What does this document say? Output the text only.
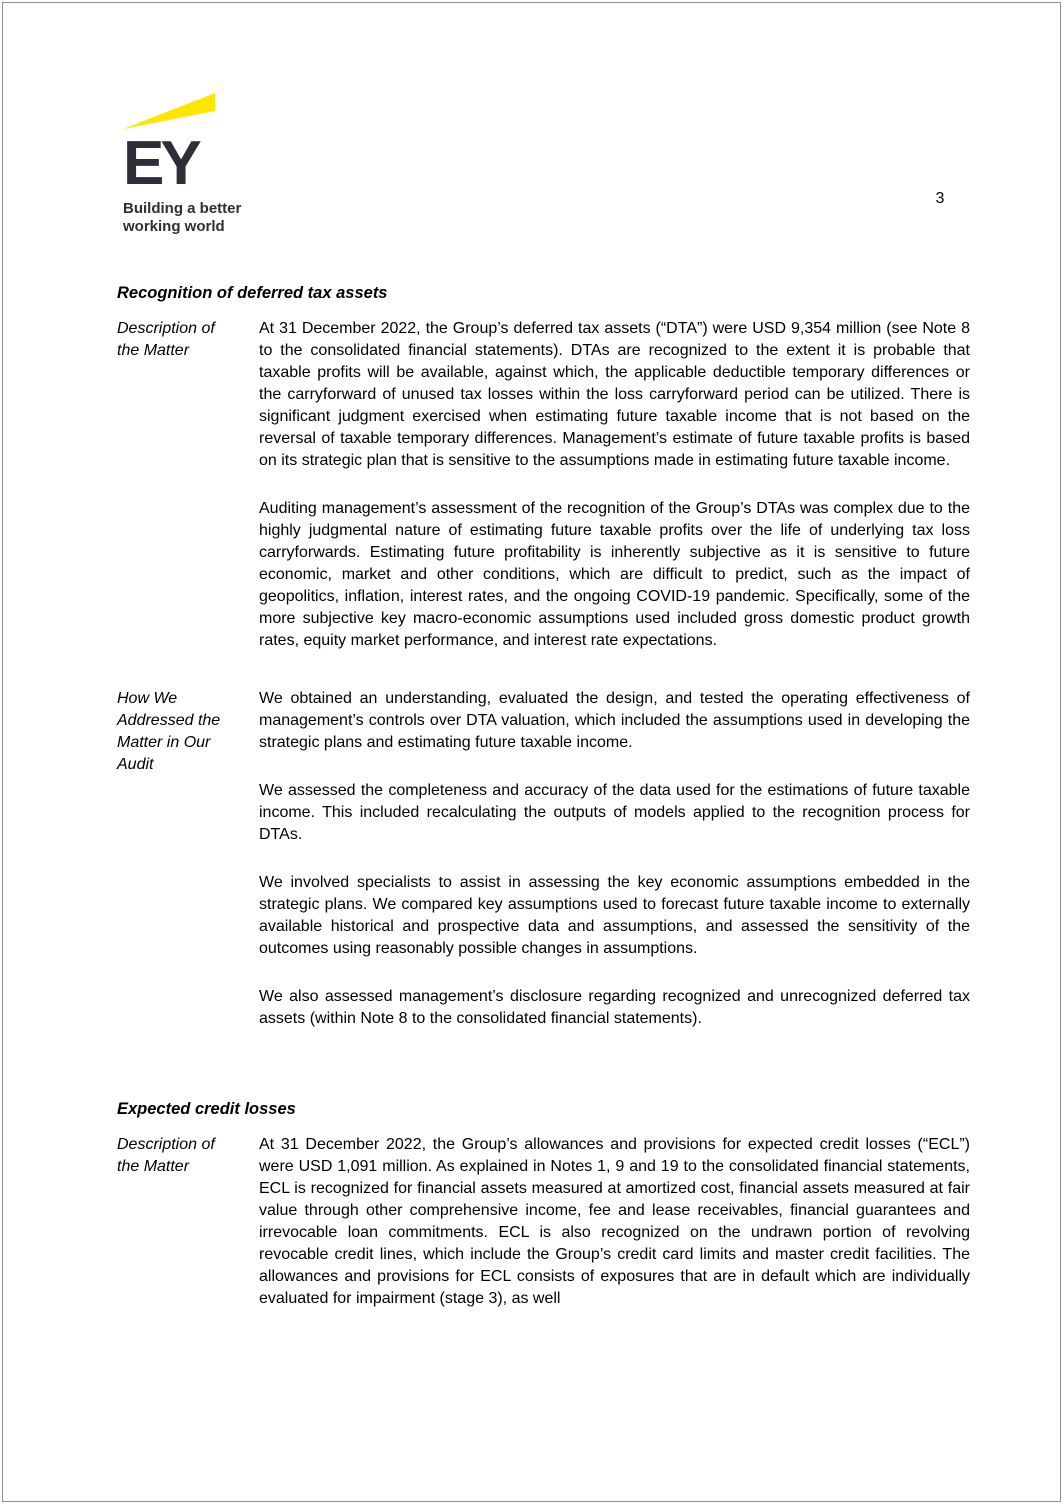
EY
Building a better
working world
3
Recognition of deferred tax assets
Description of the Matter

At 31 December 2022, the Group’s deferred tax assets (“DTA”) were USD 9,354 million (see Note 8 to the consolidated financial statements). DTAs are recognized to the extent it is probable that taxable profits will be available, against which, the applicable deductible temporary differences or the carryforward of unused tax losses within the loss carryforward period can be utilized. There is significant judgment exercised when estimating future taxable income that is not based on the reversal of taxable temporary differences. Management’s estimate of future taxable profits is based on its strategic plan that is sensitive to the assumptions made in estimating future taxable income.

Auditing management’s assessment of the recognition of the Group’s DTAs was complex due to the highly judgmental nature of estimating future taxable profits over the life of underlying tax loss carryforwards. Estimating future profitability is inherently subjective as it is sensitive to future economic, market and other conditions, which are difficult to predict, such as the impact of geopolitics, inflation, interest rates, and the ongoing COVID-19 pandemic. Specifically, some of the more subjective key macro-economic assumptions used included gross domestic product growth rates, equity market performance, and interest rate expectations.

How We Addressed the Matter in Our Audit

We obtained an understanding, evaluated the design, and tested the operating effectiveness of management’s controls over DTA valuation, which included the assumptions used in developing the strategic plans and estimating future taxable income.

We assessed the completeness and accuracy of the data used for the estimations of future taxable income. This included recalculating the outputs of models applied to the recognition process for DTAs.

We involved specialists to assist in assessing the key economic assumptions embedded in the strategic plans. We compared key assumptions used to forecast future taxable income to externally available historical and prospective data and assumptions, and assessed the sensitivity of the outcomes using reasonably possible changes in assumptions.

We also assessed management’s disclosure regarding recognized and unrecognized deferred tax assets (within Note 8 to the consolidated financial statements).

Expected credit losses
Description of the Matter

At 31 December 2022, the Group’s allowances and provisions for expected credit losses (“ECL”) were USD 1,091 million. As explained in Notes 1, 9 and 19 to the consolidated financial statements, ECL is recognized for financial assets measured at amortized cost, financial assets measured at fair value through other comprehensive income, fee and lease receivables, financial guarantees and irrevocable loan commitments. ECL is also recognized on the undrawn portion of revolving revocable credit lines, which include the Group’s credit card limits and master credit facilities. The allowances and provisions for ECL consists of exposures that are in default which are individually evaluated for impairment (stage 3), as well
